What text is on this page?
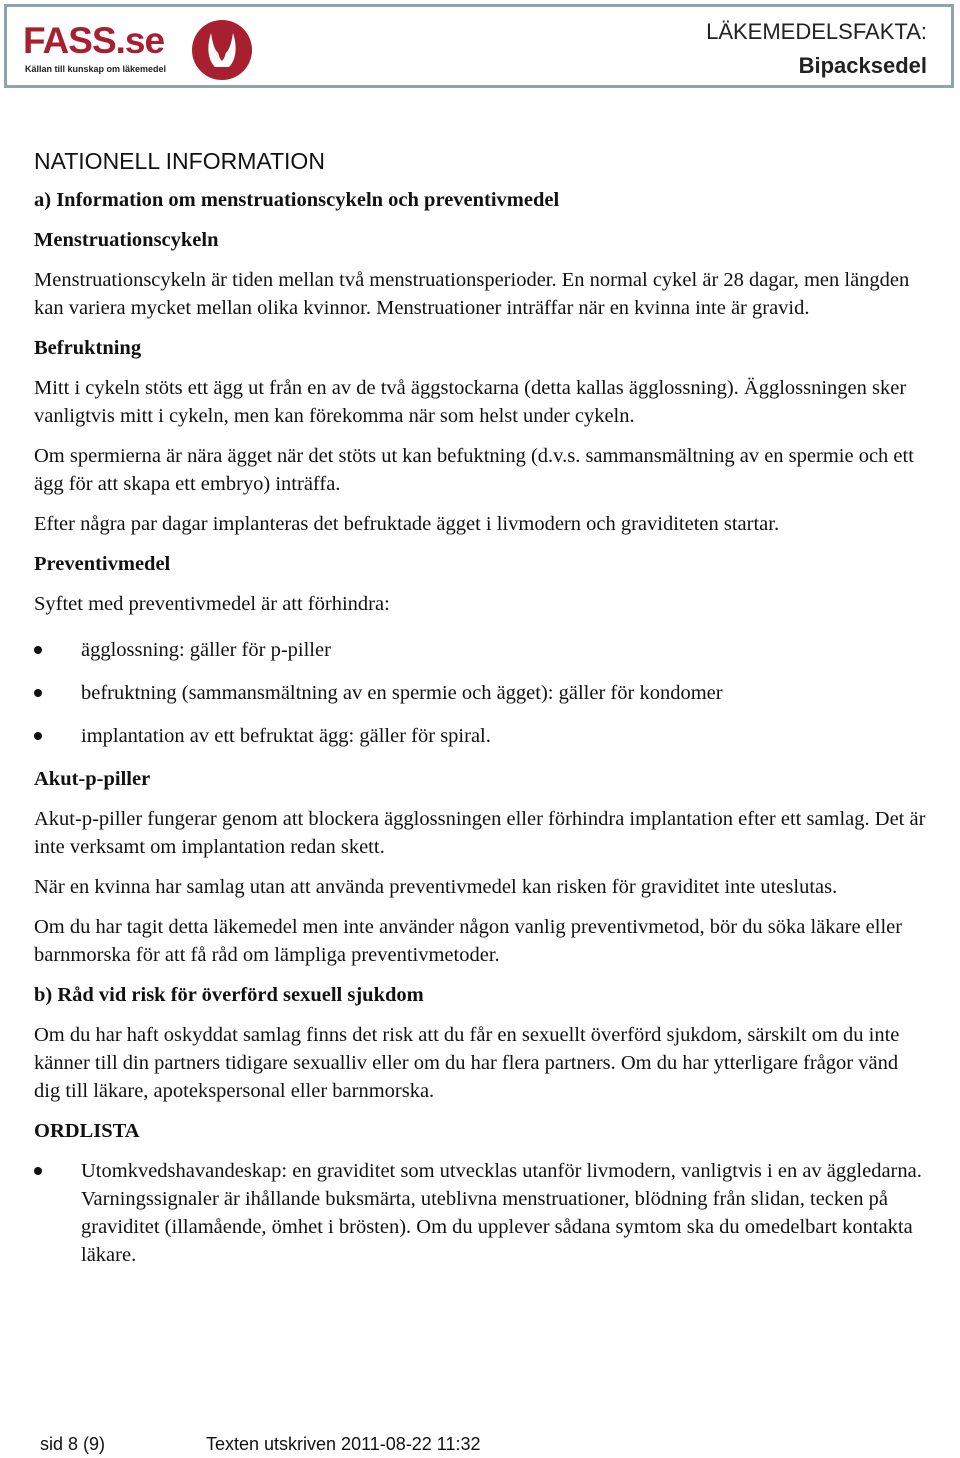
FASS.se
Källan till kunskap om läkemedel
LÄKEMEDELSFAKTA:
Bipacksedel
NATIONELL INFORMATION
a) Information om menstruationscykeln och preventivmedel
Menstruationscykeln

Menstruationscykeln är tiden mellan två menstruationsperioder. En normal cykel är 28 dagar, men längden kan variera mycket mellan olika kvinnor. Menstruationer inträffar när en kvinna inte är gravid.

Befruktning

Mitt i cykeln stöts ett ägg ut från en av de två äggstockarna (detta kallas ägglossning). Ägglossningen sker vanligtvis mitt i cykeln, men kan förekomma när som helst under cykeln.

Om spermierna är nära ägget när det stöts ut kan befuktning (d.v.s. sammansmältning av en spermie och ett ägg för att skapa ett embryo) inträffa.

Efter några par dagar implanteras det befruktade ägget i livmodern och graviditeten startar.

Preventivmedel

Syftet med preventivmedel är att förhindra:

ägglossning: gäller för p-piller
befruktning (sammansmältning av en spermie och ägget): gäller för kondomer
implantation av ett befruktat ägg: gäller för spiral.
Akut-p-piller

Akut-p-piller fungerar genom att blockera ägglossningen eller förhindra implantation efter ett samlag. Det är inte verksamt om implantation redan skett.

När en kvinna har samlag utan att använda preventivmedel kan risken för graviditet inte uteslutas.

Om du har tagit detta läkemedel men inte använder någon vanlig preventivmetod, bör du söka läkare eller barnmorska för att få råd om lämpliga preventivmetoder.

b) Råd vid risk för överförd sexuell sjukdom

Om du har haft oskyddat samlag finns det risk att du får en sexuellt överförd sjukdom, särskilt om du inte känner till din partners tidigare sexualliv eller om du har flera partners. Om du har ytterligare frågor vänd dig till läkare, apotekspersonal eller barnmorska.

ORDLISTA
Utomkvedshavandeskap: en graviditet som utvecklas utanför livmodern, vanligtvis i en av äggledarna. Varningssignaler är ihållande buksmärta, uteblivna menstruationer, blödning från slidan, tecken på graviditet (illamående, ömhet i brösten). Om du upplever sådana symtom ska du omedelbart kontakta läkare.
sid 8 (9)	Texten utskriven 2011-08-22 11:32
